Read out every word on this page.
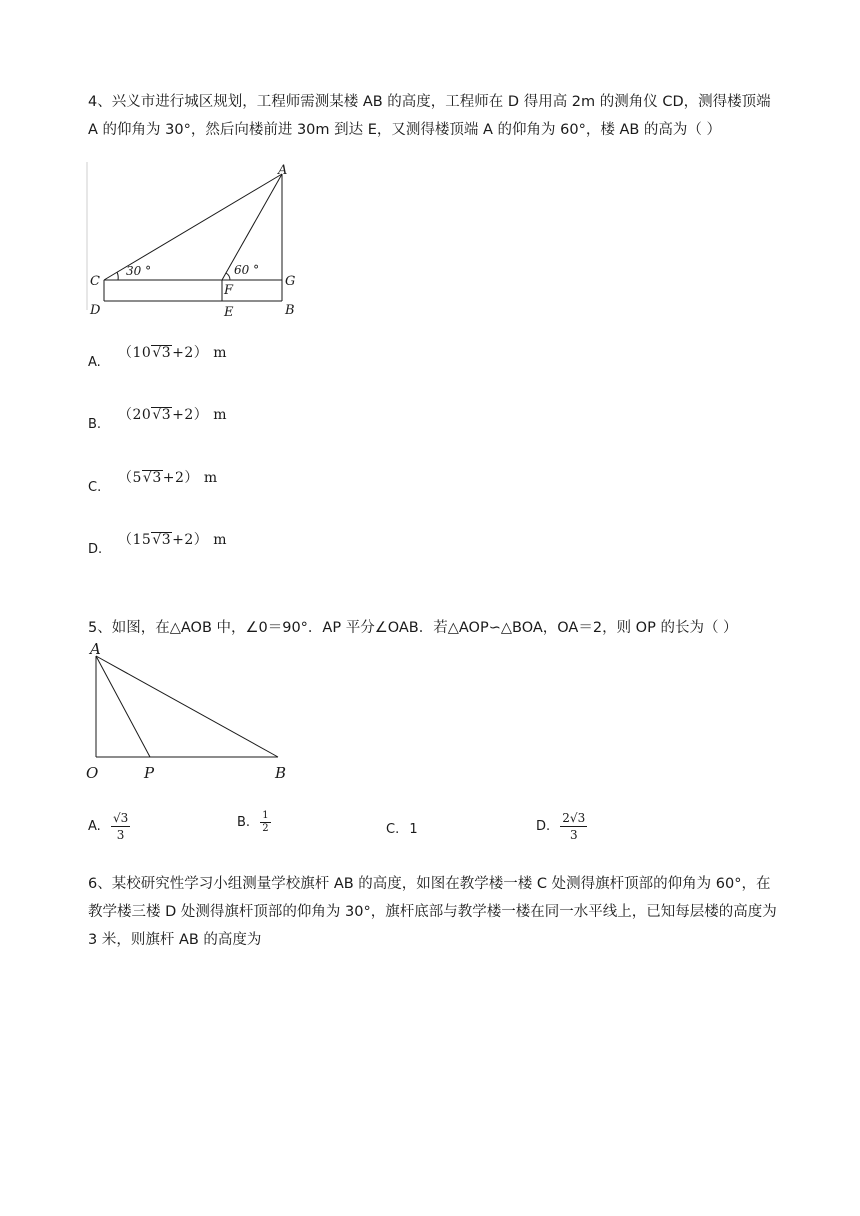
4、兴义市进行城区规划，工程师需测某楼 AB 的高度，工程师在 D 得用高 2m 的测角仪 CD，测得楼顶端 A 的仰角为 30°，然后向楼前进 30m 到达 E，又测得楼顶端 A 的仰角为 60°，楼 AB 的高为（ ）
A
C
D
F
E
G
B
30 °	60 °
A.（10√3+2） m
B.（20√3+2） m
C.（5√3+2） m
D.（15√3+2） m
5、如图，在△AOB 中，∠0＝90°．AP 平分∠OAB．若△AOP∽△BOA，OA＝2，则 OP 的长为（ ）
A
O	P	B
A. $\frac{√3}{3}$	B. $\frac{1}{2}$	C. 1	D. $\frac{2√3}{3}$
6、某校研究性学习小组测量学校旗杆 AB 的高度，如图在教学楼一楼 C 处测得旗杆顶部的仰角为 60°，在教学楼三楼 D 处测得旗杆顶部的仰角为 30°，旗杆底部与教学楼一楼在同一水平线上，已知每层楼的高度为 3 米，则旗杆 AB 的高度为
